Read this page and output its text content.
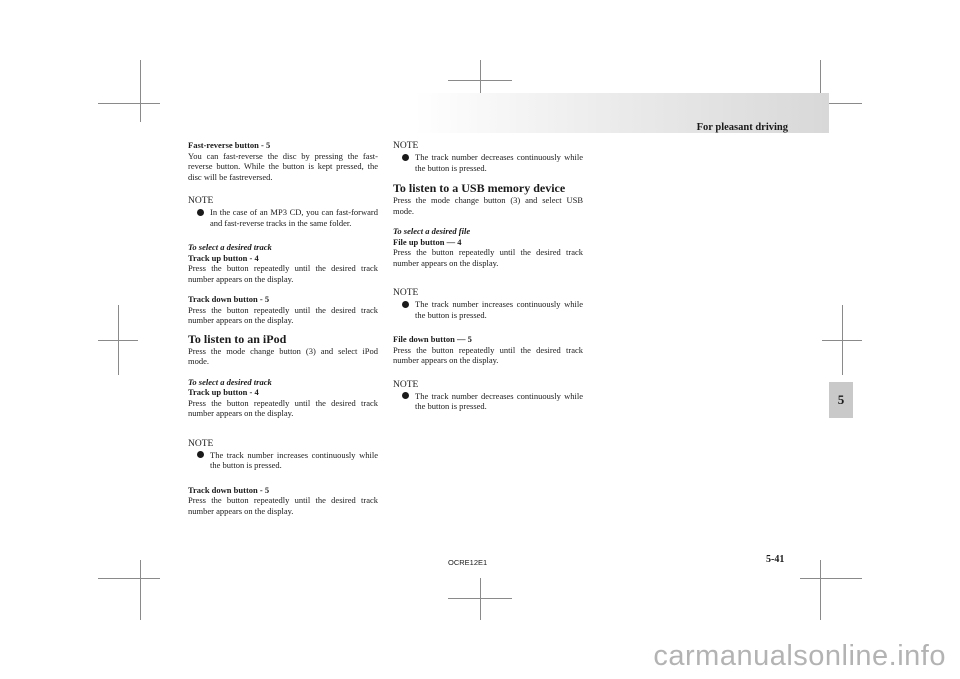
For pleasant driving
5
Fast-reverse button - 5
You can fast-reverse the disc by pressing the fast-reverse button. While the button is kept pressed, the disc will be fastreversed.
NOTE
In the case of an MP3 CD, you can fast-forward and fast-reverse tracks in the same folder.
To select a desired track
Track up button - 4
Press the button repeatedly until the desired track number appears on the display.
Track down button - 5
Press the button repeatedly until the desired track number appears on the display.
To listen to an iPod
Press the mode change button (3) and select iPod mode.
To select a desired track
Track up button - 4
Press the button repeatedly until the desired track number appears on the display.
NOTE
The track number increases continuously while the button is pressed.
Track down button - 5
Press the button repeatedly until the desired track number appears on the display.
NOTE
The track number decreases continuously while the button is pressed.
To listen to a USB memory device
Press the mode change button (3) and select USB mode.
To select a desired file
File up button — 4
Press the button repeatedly until the desired track number appears on the display.
NOTE
The track number increases continuously while the button is pressed.
File down button — 5
Press the button repeatedly until the desired track number appears on the display.
NOTE
The track number decreases continuously while the button is pressed.
OCRE12E1	5-41
carmanualsonline.info
